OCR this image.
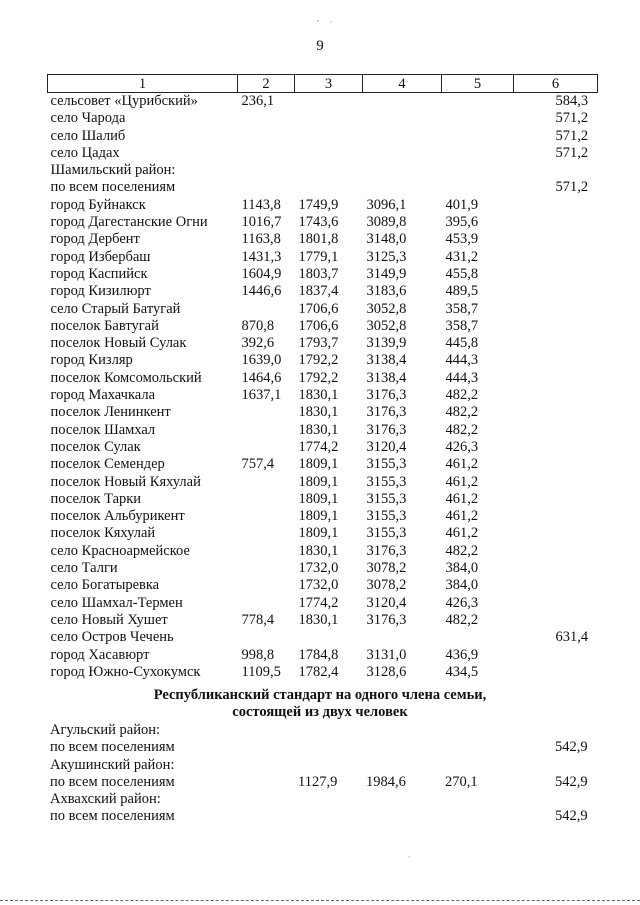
9
1	2	3	4	5	6
сельсовет «Цурибский»	236,1				584,3
село Чарода					571,2
село Шалиб					571,2
село Цадах					571,2
Шамильский район:					
по всем поселениям					571,2
город Буйнакск	1143,8	1749,9	3096,1	401,9	
город Дагестанские Огни	1016,7	1743,6	3089,8	395,6	
город Дербент	1163,8	1801,8	3148,0	453,9	
город Избербаш	1431,3	1779,1	3125,3	431,2	
город Каспийск	1604,9	1803,7	3149,9	455,8	
город Кизилюрт	1446,6	1837,4	3183,6	489,5	
село Старый Батугай		1706,6	3052,8	358,7	
поселок Бавтугай	870,8	1706,6	3052,8	358,7	
поселок Новый Сулак	392,6	1793,7	3139,9	445,8	
город Кизляр	1639,0	1792,2	3138,4	444,3	
поселок Комсомольский	1464,6	1792,2	3138,4	444,3	
город Махачкала	1637,1	1830,1	3176,3	482,2	
поселок Ленинкент		1830,1	3176,3	482,2	
поселок Шамхал		1830,1	3176,3	482,2	
поселок Сулак		1774,2	3120,4	426,3	
поселок Семендер	757,4	1809,1	3155,3	461,2	
поселок Новый Кяхулай		1809,1	3155,3	461,2	
поселок Тарки		1809,1	3155,3	461,2	
поселок Альбурикент		1809,1	3155,3	461,2	
поселок Кяхулай		1809,1	3155,3	461,2	
село Красноармейское		1830,1	3176,3	482,2	
село Талги		1732,0	3078,2	384,0	
село Богатыревка		1732,0	3078,2	384,0	
село Шамхал-Термен		1774,2	3120,4	426,3	
село Новый Хушет	778,4	1830,1	3176,3	482,2	
село Остров Чечень					631,4
город Хасавюрт	998,8	1784,8	3131,0	436,9	
город Южно-Сухокумск	1109,5	1782,4	3128,6	434,5	
Республиканский стандарт на одного члена семьи,
состоящей из двух человек
Агульский район:					
по всем поселениям					542,9
Акушинский район:					
по всем поселениям		1127,9	1984,6	270,1	542,9
Ахвахский район:					
по всем поселениям					542,9
